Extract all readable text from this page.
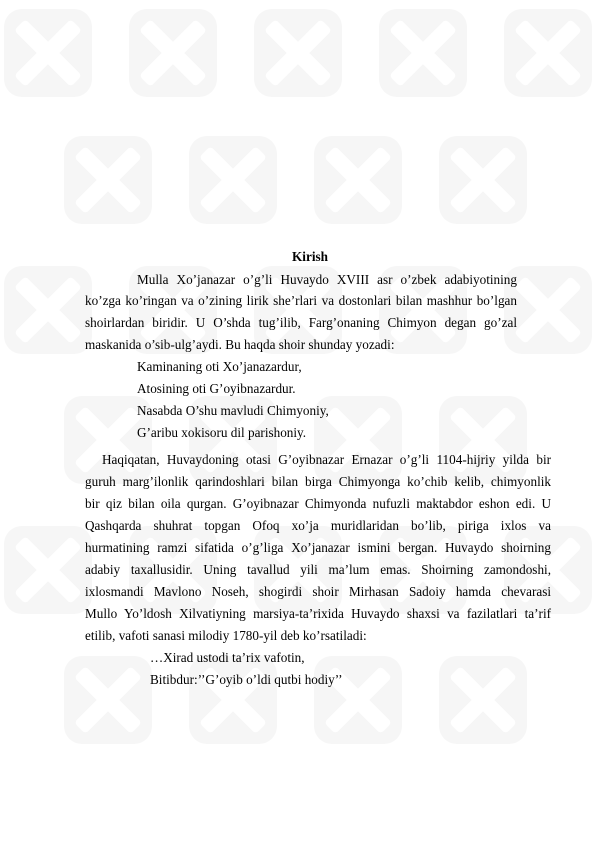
Kirish
Mulla Xo’janazar o’g’li Huvaydo XVIII asr o’zbek adabiyotining
ko’zga ko’ringan va o’zining lirik she’rlari va dostonlari bilan mashhur bo’lgan
shoirlardan biridir. U O’shda tug’ilib, Farg’onaning Chimyon degan go’zal
maskanida o’sib-ulg’aydi. Bu haqda shoir shunday yozadi:
Kaminaning oti Xo’janazardur,
Atosining oti G’oyibnazardur.
Nasabda O’shu mavludi Chimyoniy,
G’aribu xokisoru dil parishoniy.
Haqiqatan, Huvaydoning otasi G’oyibnazar Ernazar o’g’li 1104-hijriy yilda bir
guruh marg’ilonlik qarindoshlari bilan birga Chimyonga ko’chib kelib, chimyonlik
bir qiz bilan oila qurgan. G’oyibnazar Chimyonda nufuzli maktabdor eshon edi. U
Qashqarda shuhrat topgan Ofoq xo’ja muridlaridan bo’lib, piriga ixlos va
hurmatining ramzi sifatida o’g’liga Xo’janazar ismini bergan. Huvaydo shoirning
adabiy taxallusidir. Uning tavallud yili ma’lum emas. Shoirning zamondoshi,
ixlosmandi Mavlono Noseh, shogirdi shoir Mirhasan Sadoiy hamda chevarasi
Mullo Yo’ldosh Xilvatiyning marsiya-ta’rixida Huvaydo shaxsi va fazilatlari ta’rif
etilib, vafoti sanasi milodiy 1780-yil deb ko’rsatiladi:
…Xirad ustodi ta’rix vafotin,
Bitibdur:’’G’oyib o’ldi qutbi hodiy’’
